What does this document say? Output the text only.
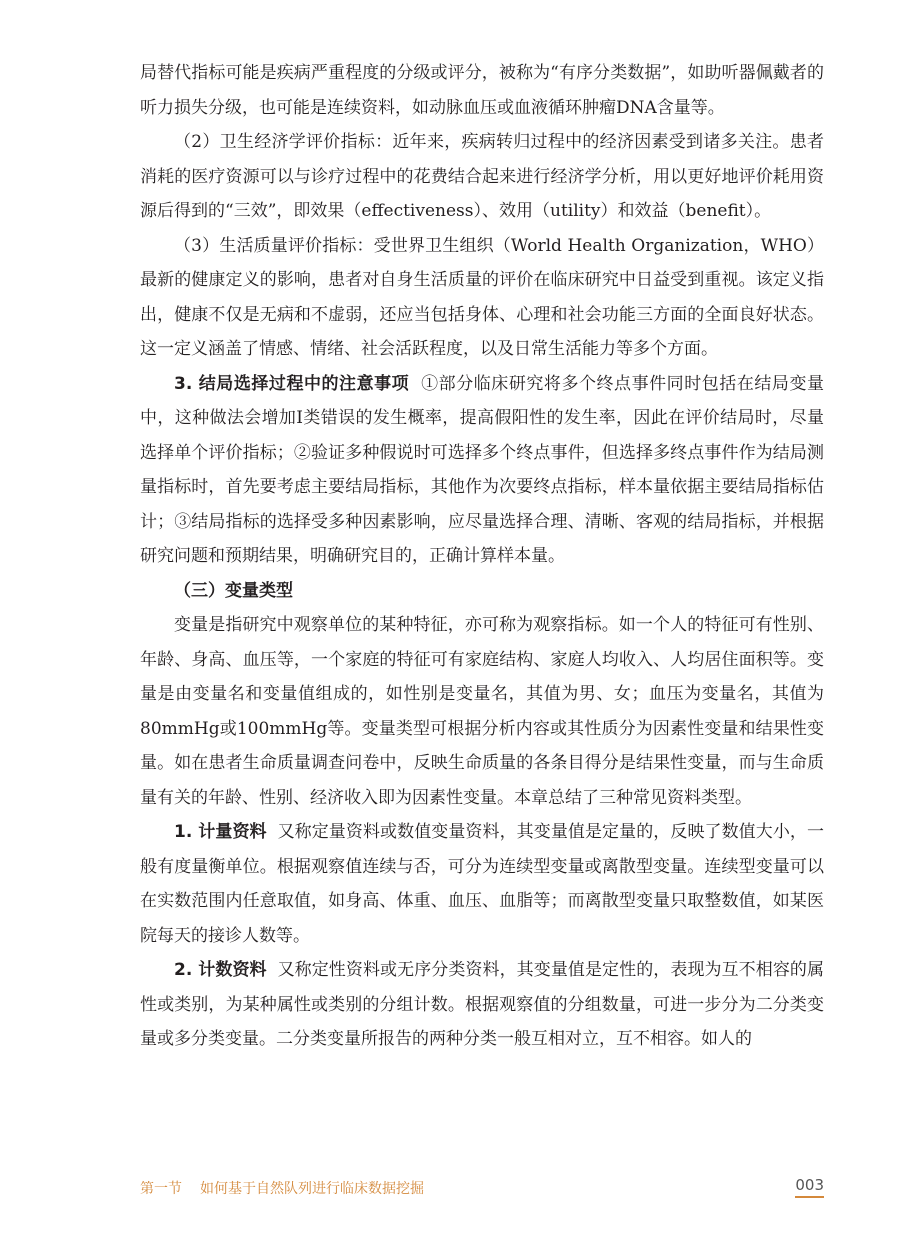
局替代指标可能是疾病严重程度的分级或评分，被称为“有序分类数据”，如助听器佩戴者的听力损失分级，也可能是连续资料，如动脉血压或血液循环肿瘤DNA含量等。

（2）卫生经济学评价指标：近年来，疾病转归过程中的经济因素受到诸多关注。患者消耗的医疗资源可以与诊疗过程中的花费结合起来进行经济学分析，用以更好地评价耗用资源后得到的“三效”，即效果（effectiveness）、效用（utility）和效益（benefit）。

（3）生活质量评价指标：受世界卫生组织（World Health Organization，WHO）最新的健康定义的影响，患者对自身生活质量的评价在临床研究中日益受到重视。该定义指出，健康不仅是无病和不虚弱，还应当包括身体、心理和社会功能三方面的全面良好状态。这一定义涵盖了情感、情绪、社会活跃程度，以及日常生活能力等多个方面。

3. 结局选择过程中的注意事项 ①部分临床研究将多个终点事件同时包括在结局变量中，这种做法会增加Ⅰ类错误的发生概率，提高假阳性的发生率，因此在评价结局时，尽量选择单个评价指标；②验证多种假说时可选择多个终点事件，但选择多终点事件作为结局测量指标时，首先要考虑主要结局指标，其他作为次要终点指标，样本量依据主要结局指标估计；③结局指标的选择受多种因素影响，应尽量选择合理、清晰、客观的结局指标，并根据研究问题和预期结果，明确研究目的，正确计算样本量。

（三）变量类型

变量是指研究中观察单位的某种特征，亦可称为观察指标。如一个人的特征可有性别、年龄、身高、血压等，一个家庭的特征可有家庭结构、家庭人均收入、人均居住面积等。变量是由变量名和变量值组成的，如性别是变量名，其值为男、女；血压为变量名，其值为80mmHg或100mmHg等。变量类型可根据分析内容或其性质分为因素性变量和结果性变量。如在患者生命质量调查问卷中，反映生命质量的各条目得分是结果性变量，而与生命质量有关的年龄、性别、经济收入即为因素性变量。本章总结了三种常见资料类型。

1. 计量资料 又称定量资料或数值变量资料，其变量值是定量的，反映了数值大小，一般有度量衡单位。根据观察值连续与否，可分为连续型变量或离散型变量。连续型变量可以在实数范围内任意取值，如身高、体重、血压、血脂等；而离散型变量只取整数值，如某医院每天的接诊人数等。

2. 计数资料 又称定性资料或无序分类资料，其变量值是定性的，表现为互不相容的属性或类别，为某种属性或类别的分组计数。根据观察值的分组数量，可进一步分为二分类变量或多分类变量。二分类变量所报告的两种分类一般互相对立，互不相容。如人的

第一节 如何基于自然队列进行临床数据挖掘	003
